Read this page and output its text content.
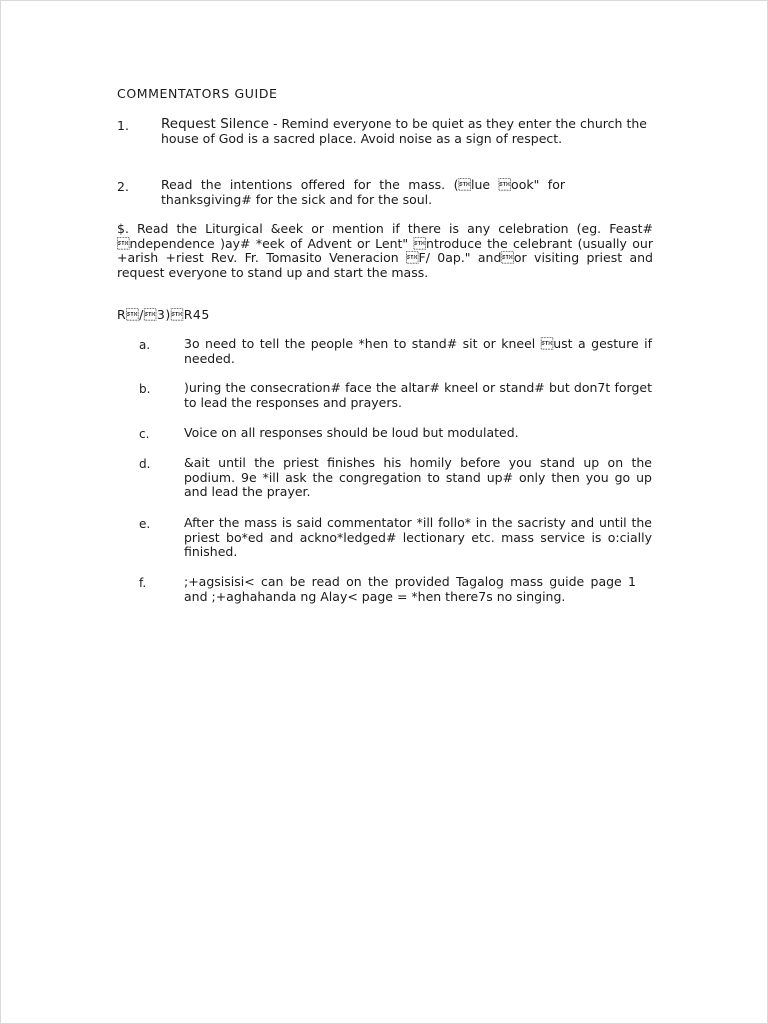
COMMENTATORS GUIDE
1. Request Silence - Remind everyone to be quiet as they enter the church the house of God is a sacred place. Avoid noise as a sign of respect.
2.	Read the intentions offered for the mass. (lue ook" for thanksgiving# for the sick and for the soul.
$. Read the Liturgical &eek or mention if there is any celebration (eg. Feast# ndependence )ay# *eek of Advent or Lent" ntroduce the celebrant (usually our +arish +riest Rev. Fr. Tomasito Veneracion F/ 0ap." andor visiting priest and request everyone to stand up and start the mass.
R/3)R45
a.	3o need to tell the people *hen to stand# sit or kneel ust a gesture if needed.
b.	)uring the consecration# face the altar# kneel or stand# but don7t forget to lead the responses and prayers.
c.	Voice on all responses should be loud but modulated.
d.	&ait until the priest finishes his homily before you stand up on the podium. 9e *ill ask the congregation to stand up# only then you go up and lead the prayer.
e.	After the mass is said commentator *ill follo* in the sacristy and until the priest bo*ed and ackno*ledged# lectionary etc. mass service is o:cially finished.
f.	;+agsisisi< can be read on the provided Tagalog mass guide page 1 and ;+aghahanda ng Alay< page = *hen there7s no singing.
